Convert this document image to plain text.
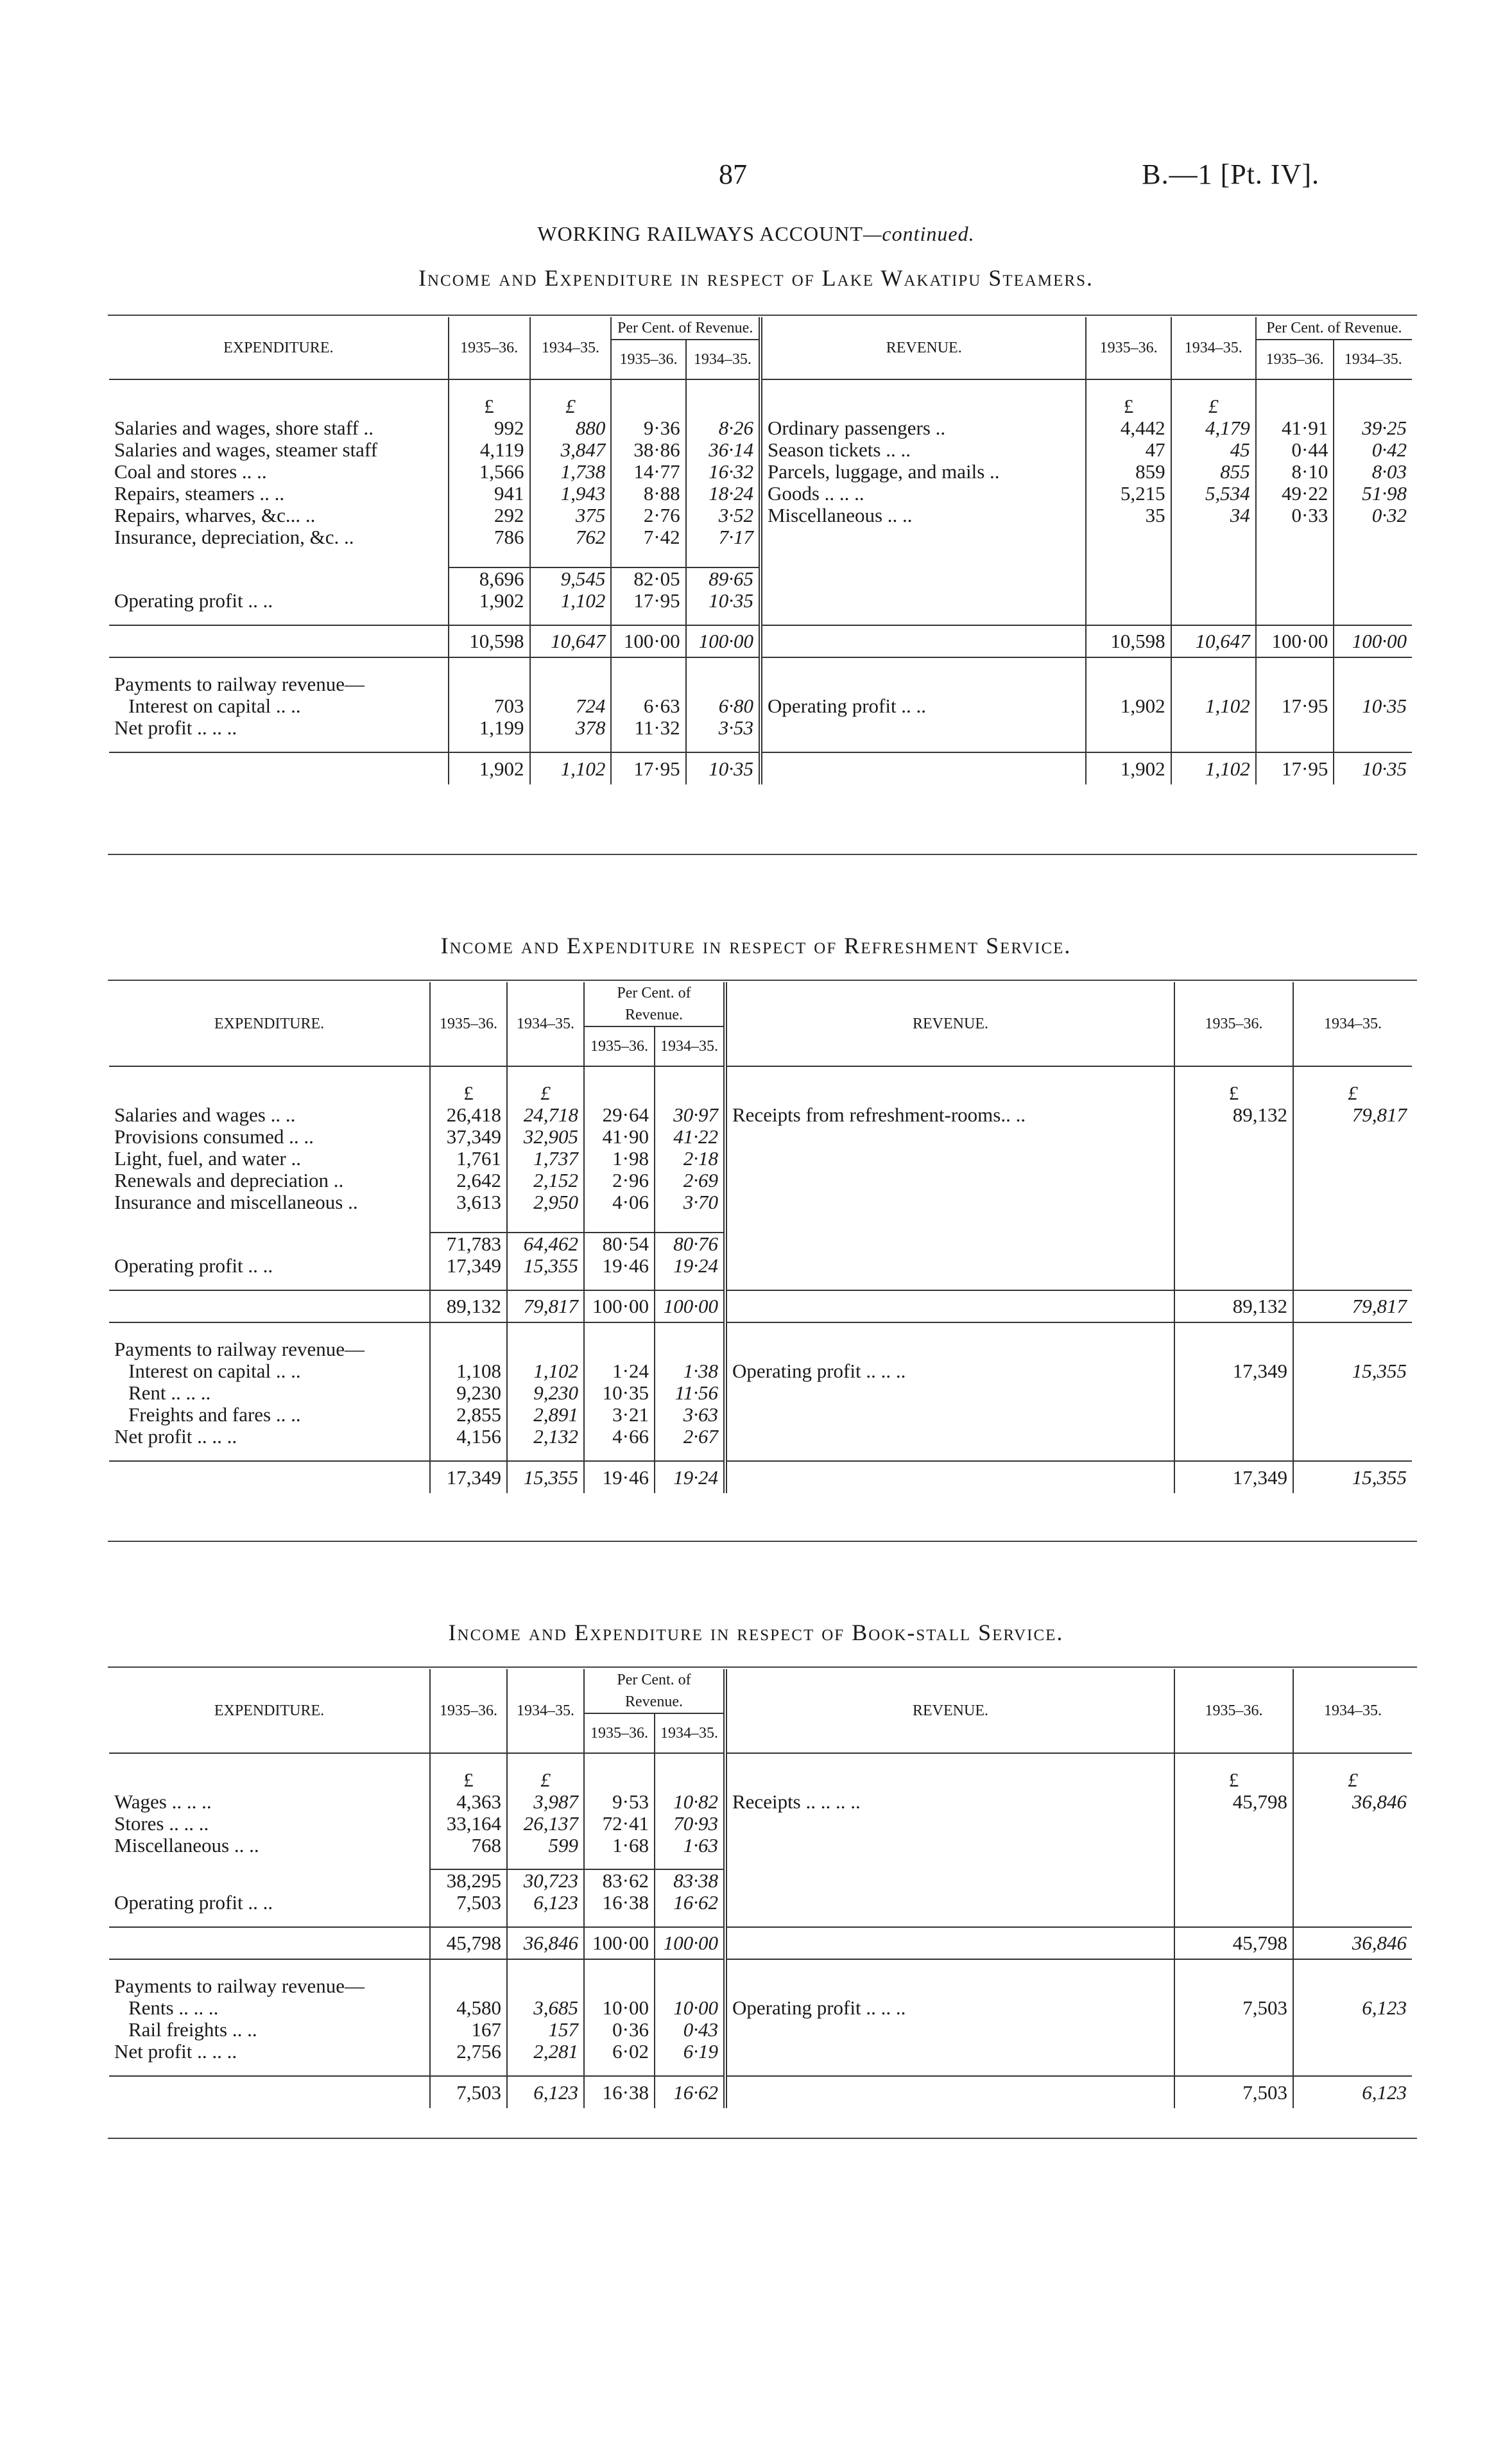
87	B.—1 [Pt. IV].
WORKING RAILWAYS ACCOUNT—continued.
Income and Expenditure in respect of Lake Wakatipu Steamers.
EXPENDITURE.	1935–36.	1934–35.	Per Cent. of Revenue.		REVENUE.	1935–36.	1934–35.	Per Cent. of Revenue.	
			1935–36.	1934–35.				1935–36.	1934–35.

	£	£				£	£		
Salaries and wages, shore staff ..	992	880	9·36	8·26	Ordinary passengers ..	4,442	4,179	41·91	39·25
Salaries and wages, steamer staff	4,119	3,847	38·86	36·14	Season tickets .. ..	47	45	0·44	0·42
Coal and stores .. ..	1,566	1,738	14·77	16·32	Parcels, luggage, and mails ..	859	855	8·10	8·03
Repairs, steamers .. ..	941	1,943	8·88	18·24	Goods .. .. ..	5,215	5,534	49·22	51·98
Repairs, wharves, &c... ..	292	375	2·76	3·52	Miscellaneous .. ..	35	34	0·33	0·32
Insurance, depreciation, &c. ..	786	762	7·42	7·17					

	8,696	9,545	82·05	89·65					
Operating profit .. ..	1,902	1,102	17·95	10·35					

	10,598	10,647	100·00	100·00		10,598	10,647	100·00	100·00

Payments to railway revenue—									
Interest on capital .. ..	703	724	6·63	6·80	Operating profit .. ..	1,902	1,102	17·95	10·35
Net profit .. .. ..	1,199	378	11·32	3·53					

	1,902	1,102	17·95	10·35		1,902	1,102	17·95	10·35
Income and Expenditure in respect of Refreshment Service.
EXPENDITURE.	1935–36.	1934–35.	Per Cent. of Revenue.		REVENUE.	1935–36.	1934–35.
			1935–36.	1934–35.			

	£	£				£	£
Salaries and wages .. ..	26,418	24,718	29·64	30·97	Receipts from refreshment-rooms.. ..	89,132	79,817
Provisions consumed .. ..	37,349	32,905	41·90	41·22			
Light, fuel, and water ..	1,761	1,737	1·98	2·18			
Renewals and depreciation ..	2,642	2,152	2·96	2·69			
Insurance and miscellaneous ..	3,613	2,950	4·06	3·70			

	71,783	64,462	80·54	80·76			
Operating profit .. ..	17,349	15,355	19·46	19·24			

	89,132	79,817	100·00	100·00		89,132	79,817

Payments to railway revenue—							
Interest on capital .. ..	1,108	1,102	1·24	1·38	Operating profit .. .. ..	17,349	15,355
Rent .. .. ..	9,230	9,230	10·35	11·56			
Freights and fares .. ..	2,855	2,891	3·21	3·63			
Net profit .. .. ..	4,156	2,132	4·66	2·67			

	17,349	15,355	19·46	19·24		17,349	15,355
Income and Expenditure in respect of Book-stall Service.
EXPENDITURE.	1935–36.	1934–35.	Per Cent. of Revenue.		REVENUE.	1935–36.	1934–35.
			1935–36.	1934–35.			

	£	£				£	£
Wages .. .. ..	4,363	3,987	9·53	10·82	Receipts .. .. .. ..	45,798	36,846
Stores .. .. ..	33,164	26,137	72·41	70·93			
Miscellaneous .. ..	768	599	1·68	1·63			

	38,295	30,723	83·62	83·38			
Operating profit .. ..	7,503	6,123	16·38	16·62			

	45,798	36,846	100·00	100·00		45,798	36,846

Payments to railway revenue—							
Rents .. .. ..	4,580	3,685	10·00	10·00	Operating profit .. .. ..	7,503	6,123
Rail freights .. ..	167	157	0·36	0·43			
Net profit .. .. ..	2,756	2,281	6·02	6·19			

	7,503	6,123	16·38	16·62		7,503	6,123
